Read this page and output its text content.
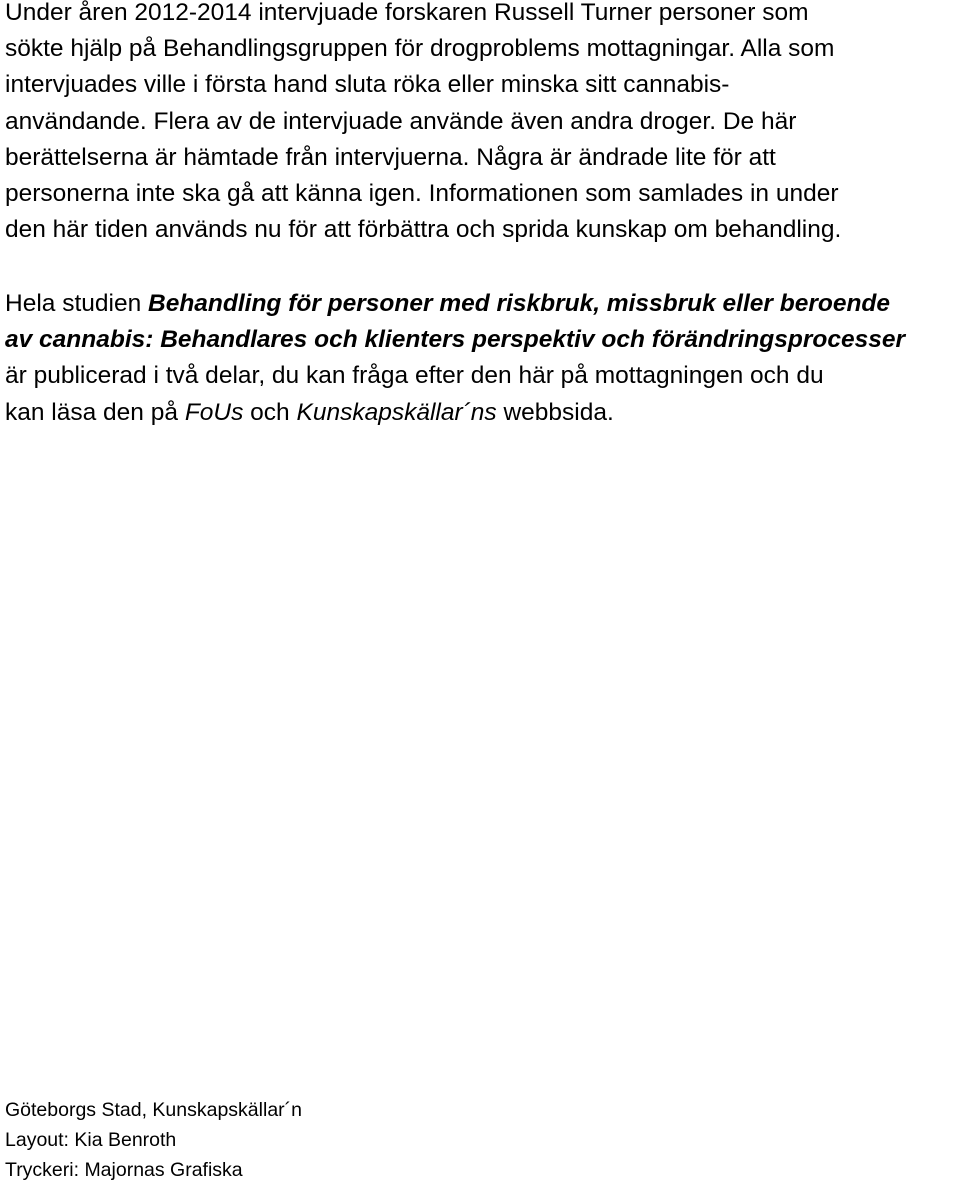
Under åren 2012-2014 intervjuade forskaren Russell Turner personer som
sökte hjälp på Behandlingsgruppen för drogproblems mottagningar. Alla som
intervjuades ville i första hand sluta röka eller minska sitt cannabis-
användande. Flera av de intervjuade använde även andra droger. De här
berättelserna är hämtade från intervjuerna. Några är ändrade lite för att
personerna inte ska gå att känna igen. Informationen som samlades in under
den här tiden används nu för att förbättra och sprida kunskap om behandling.
Hela studien Behandling för personer med riskbruk, missbruk eller beroende
av cannabis: Behandlares och klienters perspektiv och förändringsprocesser
är publicerad i två delar, du kan fråga efter den här på mottagningen och du
kan läsa den på FoUs och Kunskapskällar´ns webbsida.
Göteborgs Stad, Kunskapskällar´n
Layout: Kia Benroth
Tryckeri: Majornas Grafiska
